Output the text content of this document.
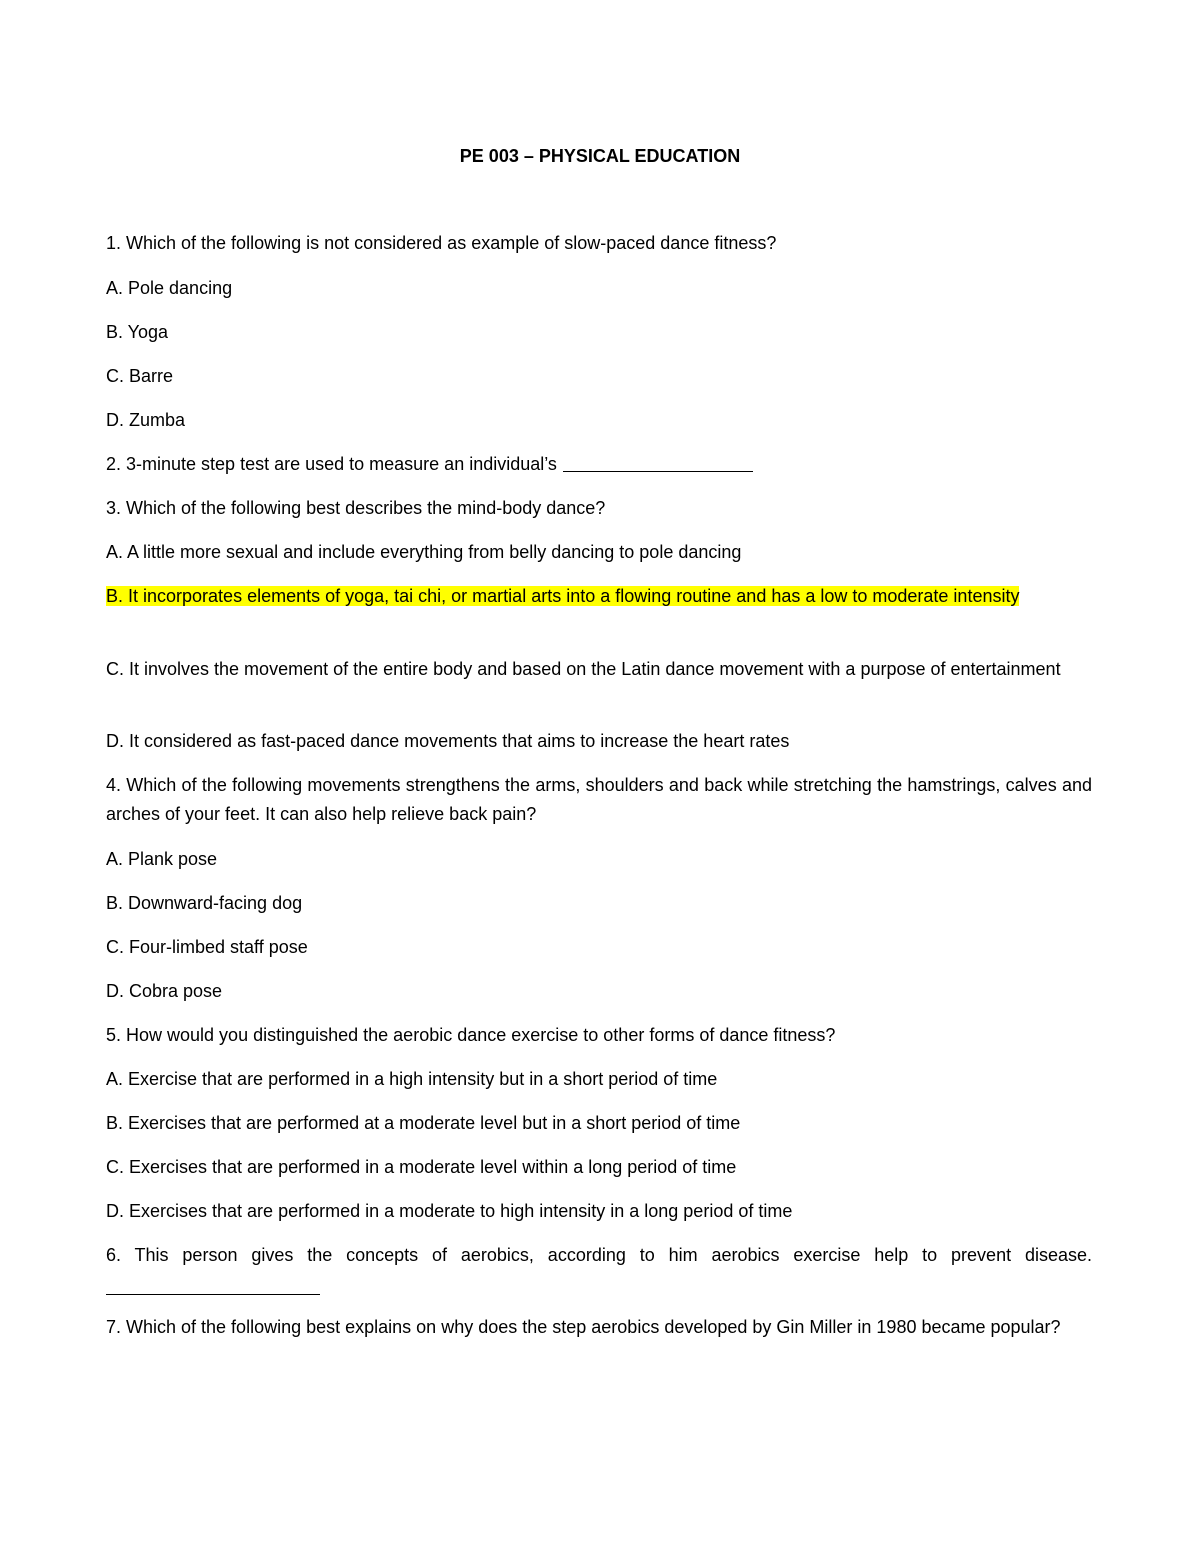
PE 003 – PHYSICAL EDUCATION
1. Which of the following is not considered as example of slow-paced dance fitness?
A. Pole dancing
B. Yoga
C. Barre
D. Zumba
2. 3-minute step test are used to measure an individual’s
3. Which of the following best describes the mind-body dance?
A. A little more sexual and include everything from belly dancing to pole dancing
B. It incorporates elements of yoga, tai chi, or martial arts into a flowing routine and has a low to moderate intensity
C. It involves the movement of the entire body and based on the Latin dance movement with a purpose of entertainment
D. It considered as fast-paced dance movements that aims to increase the heart rates
4. Which of the following movements strengthens the arms, shoulders and back while stretching the hamstrings, calves and arches of your feet. It can also help relieve back pain?
A. Plank pose
B. Downward-facing dog
C. Four-limbed staff pose
D. Cobra pose
5. How would you distinguished the aerobic dance exercise to other forms of dance fitness?
A. Exercise that are performed in a high intensity but in a short period of time
B. Exercises that are performed at a moderate level but in a short period of time
C. Exercises that are performed in a moderate level within a long period of time
D. Exercises that are performed in a moderate to high intensity in a long period of time
6. This person gives the concepts of aerobics, according to him aerobics exercise help to prevent disease.
7. Which of the following best explains on why does the step aerobics developed by Gin Miller in 1980 became popular?
